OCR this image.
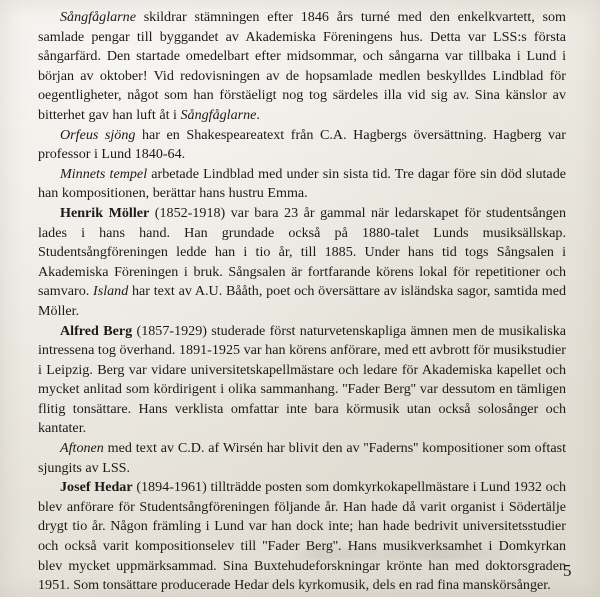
Sångfåglarne skildrar stämningen efter 1846 års turné med den enkelkvartett, som samlade pengar till byggandet av Akademiska Föreningens hus. Detta var LSS:s första sångarfärd. Den startade omedelbart efter midsommar, och sångarna var tillbaka i Lund i början av oktober! Vid redovisningen av de hopsamlade medlen beskylldes Lindblad för oegentligheter, något som han förstäeligt nog tog särdeles illa vid sig av. Sina känslor av bitterhet gav han luft åt i Sångfåglarne.

Orfeus sjöng har en Shakespeareatext från C.A. Hagbergs översättning. Hagberg var professor i Lund 1840-64.

Minnets tempel arbetade Lindblad med under sin sista tid. Tre dagar före sin död slutade han kompositionen, berättar hans hustru Emma.

Henrik Möller (1852-1918) var bara 23 år gammal när ledarskapet för studentsången lades i hans hand. Han grundade också på 1880-talet Lunds musiksällskap. Studentsångföreningen ledde han i tio år, till 1885. Under hans tid togs Sångsalen i Akademiska Föreningen i bruk. Sångsalen är fortfarande körens lokal för repetitioner och samvaro. Island har text av A.U. Bååth, poet och översättare av isländska sagor, samtida med Möller.

Alfred Berg (1857-1929) studerade först naturvetenskapliga ämnen men de musikaliska intressena tog överhand. 1891-1925 var han körens anförare, med ett avbrott för musikstudier i Leipzig. Berg var vidare universitetskapellmästare och ledare för Akademiska kapellet och mycket anlitad som kördirigent i olika sammanhang. ''Fader Berg'' var dessutom en tämligen flitig tonsättare. Hans verklista omfattar inte bara körmusik utan också solosånger och kantater.

Aftonen med text av C.D. af Wirsén har blivit den av ''Faderns'' kompositioner som oftast sjungits av LSS.

Josef Hedar (1894-1961) tillträdde posten som domkyrkokapellmästare i Lund 1932 och blev anförare för Studentsångföreningen följande år. Han hade då varit organist i Södertälje drygt tio år. Någon främling i Lund var han dock inte; han hade bedrivit universitetsstudier och också varit kompositionselev till ''Fader Berg''. Hans musikverksamhet i Domkyrkan blev mycket uppmärksammad. Sina Buxtehudeforskningar krönte han med doktorsgraden 1951. Som tonsättare producerade Hedar dels kyrkomusik, dels en rad fina manskörsånger.

5
